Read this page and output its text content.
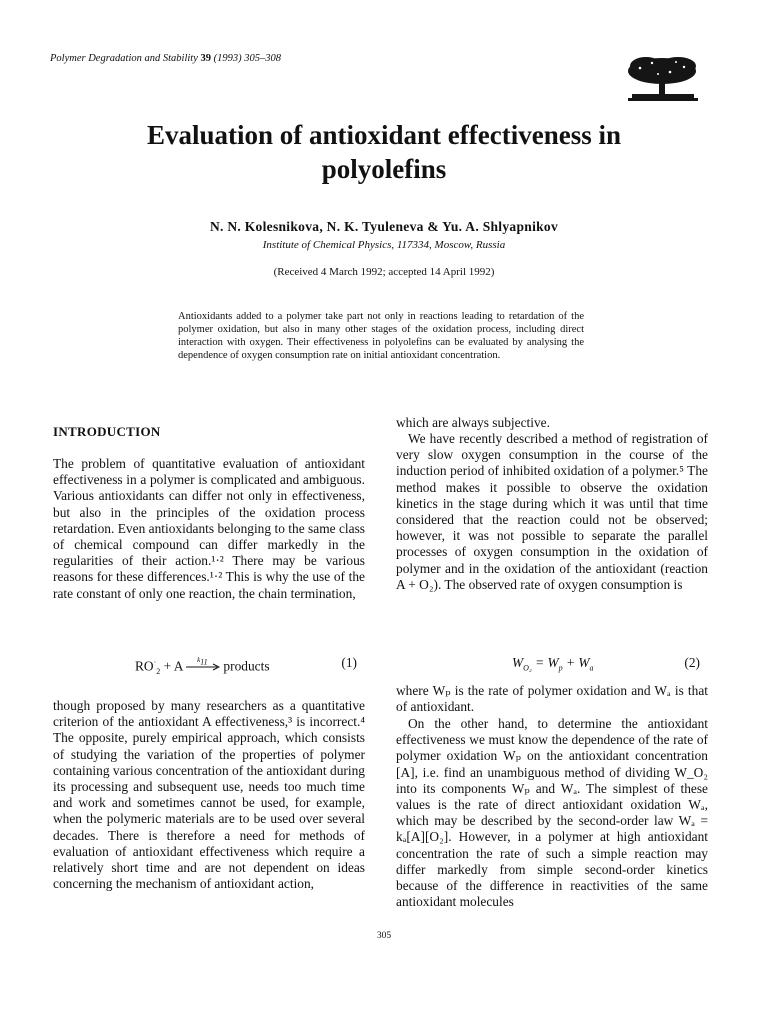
Polymer Degradation and Stability 39 (1993) 305–308
Evaluation of antioxidant effectiveness in
polyolefins
N. N. Kolesnikova, N. K. Tyuleneva & Yu. A. Shlyapnikov
Institute of Chemical Physics, 117334, Moscow, Russia
(Received 4 March 1992; accepted 14 April 1992)
Antioxidants added to a polymer take part not only in reactions leading to retardation of the polymer oxidation, but also in many other stages of the oxidation process, including direct interaction with oxygen. Their effectiveness in polyolefins can be evaluated by analysing the dependence of oxygen consumption rate on initial antioxidant concentration.
INTRODUCTION
The problem of quantitative evaluation of antioxidant effectiveness in a polymer is complicated and ambiguous. Various antioxidants can differ not only in effectiveness, but also in the principles of the oxidation process retardation. Even antioxidants belonging to the same class of chemical compound can differ markedly in the regularities of their action.¹·² There may be various reasons for these differences.¹·² This is why the use of the rate constant of only one reaction, the chain termination,
$RO^\cdot_2 + A$ $k_{11}$ products	(1)
though proposed by many researchers as a quantitative criterion of the antioxidant A effectiveness,³ is incorrect.⁴ The opposite, purely empirical approach, which consists of studying the variation of the properties of polymer containing various concentration of the antioxidant during its processing and subsequent use, needs too much time and work and sometimes cannot be used, for example, when the polymeric materials are to be used over several decades. There is therefore a need for methods of evaluation of antioxidant effectiveness which require a relatively short time and are not dependent on ideas concerning the mechanism of antioxidant action,
which are always subjective.
We have recently described a method of registration of very slow oxygen consumption in the course of the induction period of inhibited oxidation of a polymer.⁵ The method makes it possible to observe the oxidation kinetics in the stage during which it was until that time considered that the reaction could not be observed; however, it was not possible to separate the parallel processes of oxygen consumption in the oxidation of polymer and in the oxidation of the antioxidant (reaction A + O₂). The observed rate of oxygen consumption is
$W_{O_2} = W_p + W_a$	(2)
where Wₚ is the rate of polymer oxidation and Wₐ is that of antioxidant.
On the other hand, to determine the antioxidant effectiveness we must know the dependence of the rate of polymer oxidation Wₚ on the antioxidant concentration [A], i.e. find an unambiguous method of dividing W_O₂ into its components Wₚ and Wₐ. The simplest of these values is the rate of direct antioxidant oxidation Wₐ, which may be described by the second-order law Wₐ = kₐ[A][O₂]. However, in a polymer at high antioxidant concentration the rate of such a simple reaction may differ markedly from simple second-order kinetics because of the difference in reactivities of the same antioxidant molecules
305
